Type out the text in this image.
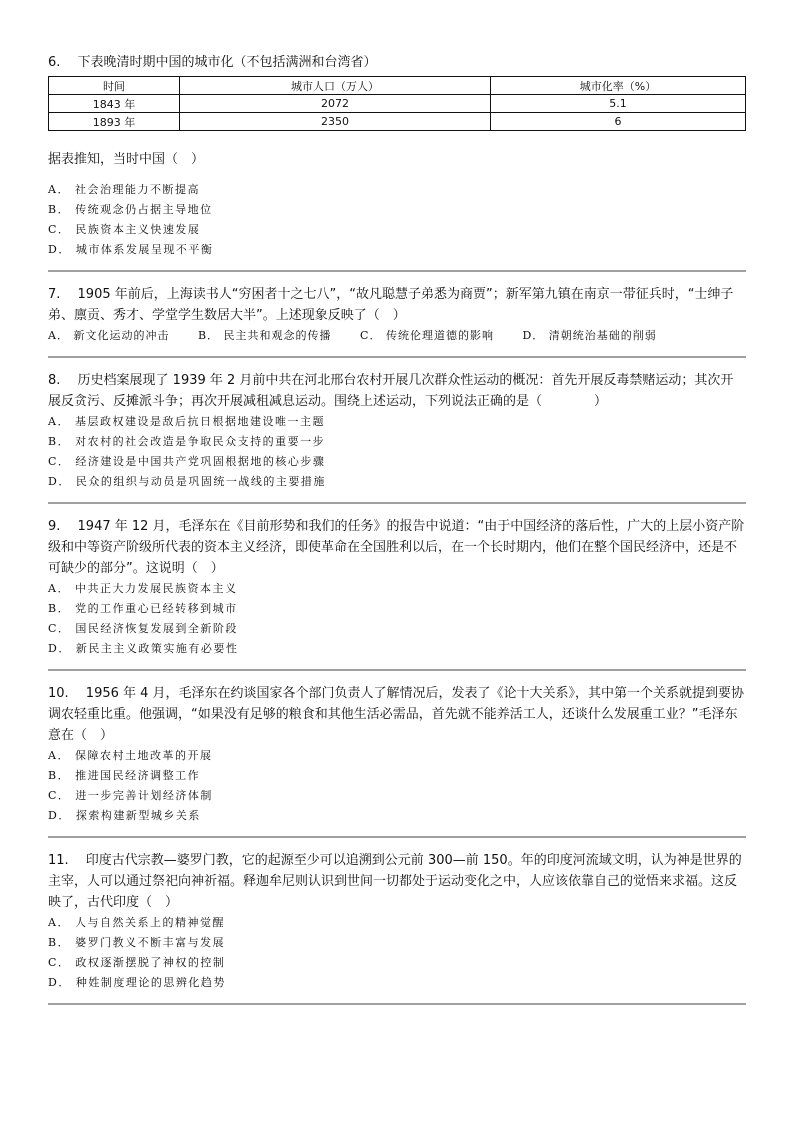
6.　 下表晚清时期中国的城市化（不包括满洲和台湾省）

时间	城市人口（万人）	城市化率（%）
1843 年	2072	5.1
1893 年	2350	6

据表推知，当时中国（　）

A． 社会治理能力不断提高

B． 传统观念仍占据主导地位

C． 民族资本主义快速发展

D． 城市体系发展呈现不平衡

7.　 1905 年前后，上海读书人“穷困者十之七八”，“故凡聪慧子弟悉为商贾”；新军第九镇在南京一带征兵时，“士绅子弟、廪贡、秀才、学堂学生数居大半”。上述现象反映了（　）

A． 新文化运动的冲击	B． 民主共和观念的传播	C． 传统伦理道德的影响	D． 清朝统治基础的削弱

8.　 历史档案展现了 1939 年 2 月前中共在河北邢台农村开展几次群众性运动的概况：首先开展反毒禁赌运动；其次开展反贪污、反摊派斗争；再次开展减租减息运动。围绕上述运动，下列说法正确的是（　　　　）

A． 基层政权建设是敌后抗日根据地建设唯一主题

B． 对农村的社会改造是争取民众支持的重要一步

C． 经济建设是中国共产党巩固根据地的核心步骤

D． 民众的组织与动员是巩固统一战线的主要措施

9.　 1947 年 12 月，毛泽东在《目前形势和我们的任务》的报告中说道：“由于中国经济的落后性，广大的上层小资产阶级和中等资产阶级所代表的资本主义经济，即使革命在全国胜利以后，在一个长时期内，他们在整个国民经济中，还是不可缺少的部分”。这说明（　）

A． 中共正大力发展民族资本主义

B． 党的工作重心已经转移到城市

C． 国民经济恢复发展到全新阶段

D． 新民主主义政策实施有必要性

10.　 1956 年 4 月，毛泽东在约谈国家各个部门负责人了解情况后，发表了《论十大关系》，其中第一个关系就提到要协调农轻重比重。他强调，“如果没有足够的粮食和其他生活必需品，首先就不能养活工人，还谈什么发展重工业？”毛泽东意在（　）

A． 保障农村土地改革的开展

B． 推进国民经济调整工作

C． 进一步完善计划经济体制

D． 探索构建新型城乡关系

11.　 印度古代宗教—婆罗门教，它的起源至少可以追溯到公元前 300—前 150。年的印度河流域文明，认为神是世界的主宰，人可以通过祭祀向神祈福。释迦牟尼则认识到世间一切都处于运动变化之中，人应该依靠自己的觉悟来求福。这反映了，古代印度（　）

A． 人与自然关系上的精神觉醒

B． 婆罗门教义不断丰富与发展

C． 政权逐渐摆脱了神权的控制

D． 种姓制度理论的思辨化趋势
